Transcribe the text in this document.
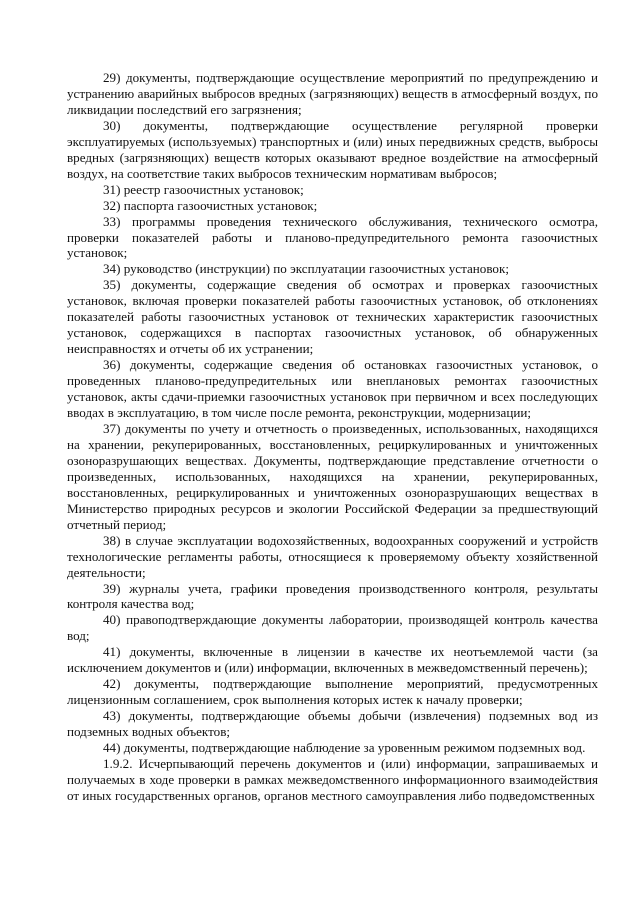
29) документы, подтверждающие осуществление мероприятий по предупреждению и устранению аварийных выбросов вредных (загрязняющих) веществ в атмосферный воздух, по ликвидации последствий его загрязнения;

30) документы, подтверждающие осуществление регулярной проверки эксплуатируемых (используемых) транспортных и (или) иных передвижных средств, выбросы вредных (загрязняющих) веществ которых оказывают вредное воздействие на атмосферный воздух, на соответствие таких выбросов техническим нормативам выбросов;

31) реестр газоочистных установок;

32) паспорта газоочистных установок;

33) программы проведения технического обслуживания, технического осмотра, проверки показателей работы и планово-предупредительного ремонта газоочистных установок;

34) руководство (инструкции) по эксплуатации газоочистных установок;

35) документы, содержащие сведения об осмотрах и проверках газоочистных установок, включая проверки показателей работы газоочистных установок, об отклонениях показателей работы газоочистных установок от технических характеристик газоочистных установок, содержащихся в паспортах газоочистных установок, об обнаруженных неисправностях и отчеты об их устранении;

36) документы, содержащие сведения об остановках газоочистных установок, о проведенных планово-предупредительных или внеплановых ремонтах газоочистных установок, акты сдачи-приемки газоочистных установок при первичном и всех последующих вводах в эксплуатацию, в том числе после ремонта, реконструкции, модернизации;

37) документы по учету и отчетность о произведенных, использованных, находящихся на хранении, рекуперированных, восстановленных, рециркулированных и уничтоженных озоноразрушающих веществах. Документы, подтверждающие представление отчетности о произведенных, использованных, находящихся на хранении, рекуперированных, восстановленных, рециркулированных и уничтоженных озоноразрушающих веществах в Министерство природных ресурсов и экологии Российской Федерации за предшествующий отчетный период;

38) в случае эксплуатации водохозяйственных, водоохранных сооружений и устройств технологические регламенты работы, относящиеся к проверяемому объекту хозяйственной деятельности;

39) журналы учета, графики проведения производственного контроля, результаты контроля качества вод;

40) правоподтверждающие документы лаборатории, производящей контроль качества вод;

41) документы, включенные в лицензии в качестве их неотъемлемой части (за исключением документов и (или) информации, включенных в межведомственный перечень);

42) документы, подтверждающие выполнение мероприятий, предусмотренных лицензионным соглашением, срок выполнения которых истек к началу проверки;

43) документы, подтверждающие объемы добычи (извлечения) подземных вод из подземных водных объектов;

44) документы, подтверждающие наблюдение за уровенным режимом подземных вод.

1.9.2. Исчерпывающий перечень документов и (или) информации, запрашиваемых и получаемых в ходе проверки в рамках межведомственного информационного взаимодействия от иных государственных органов, органов местного самоуправления либо подведомственных
